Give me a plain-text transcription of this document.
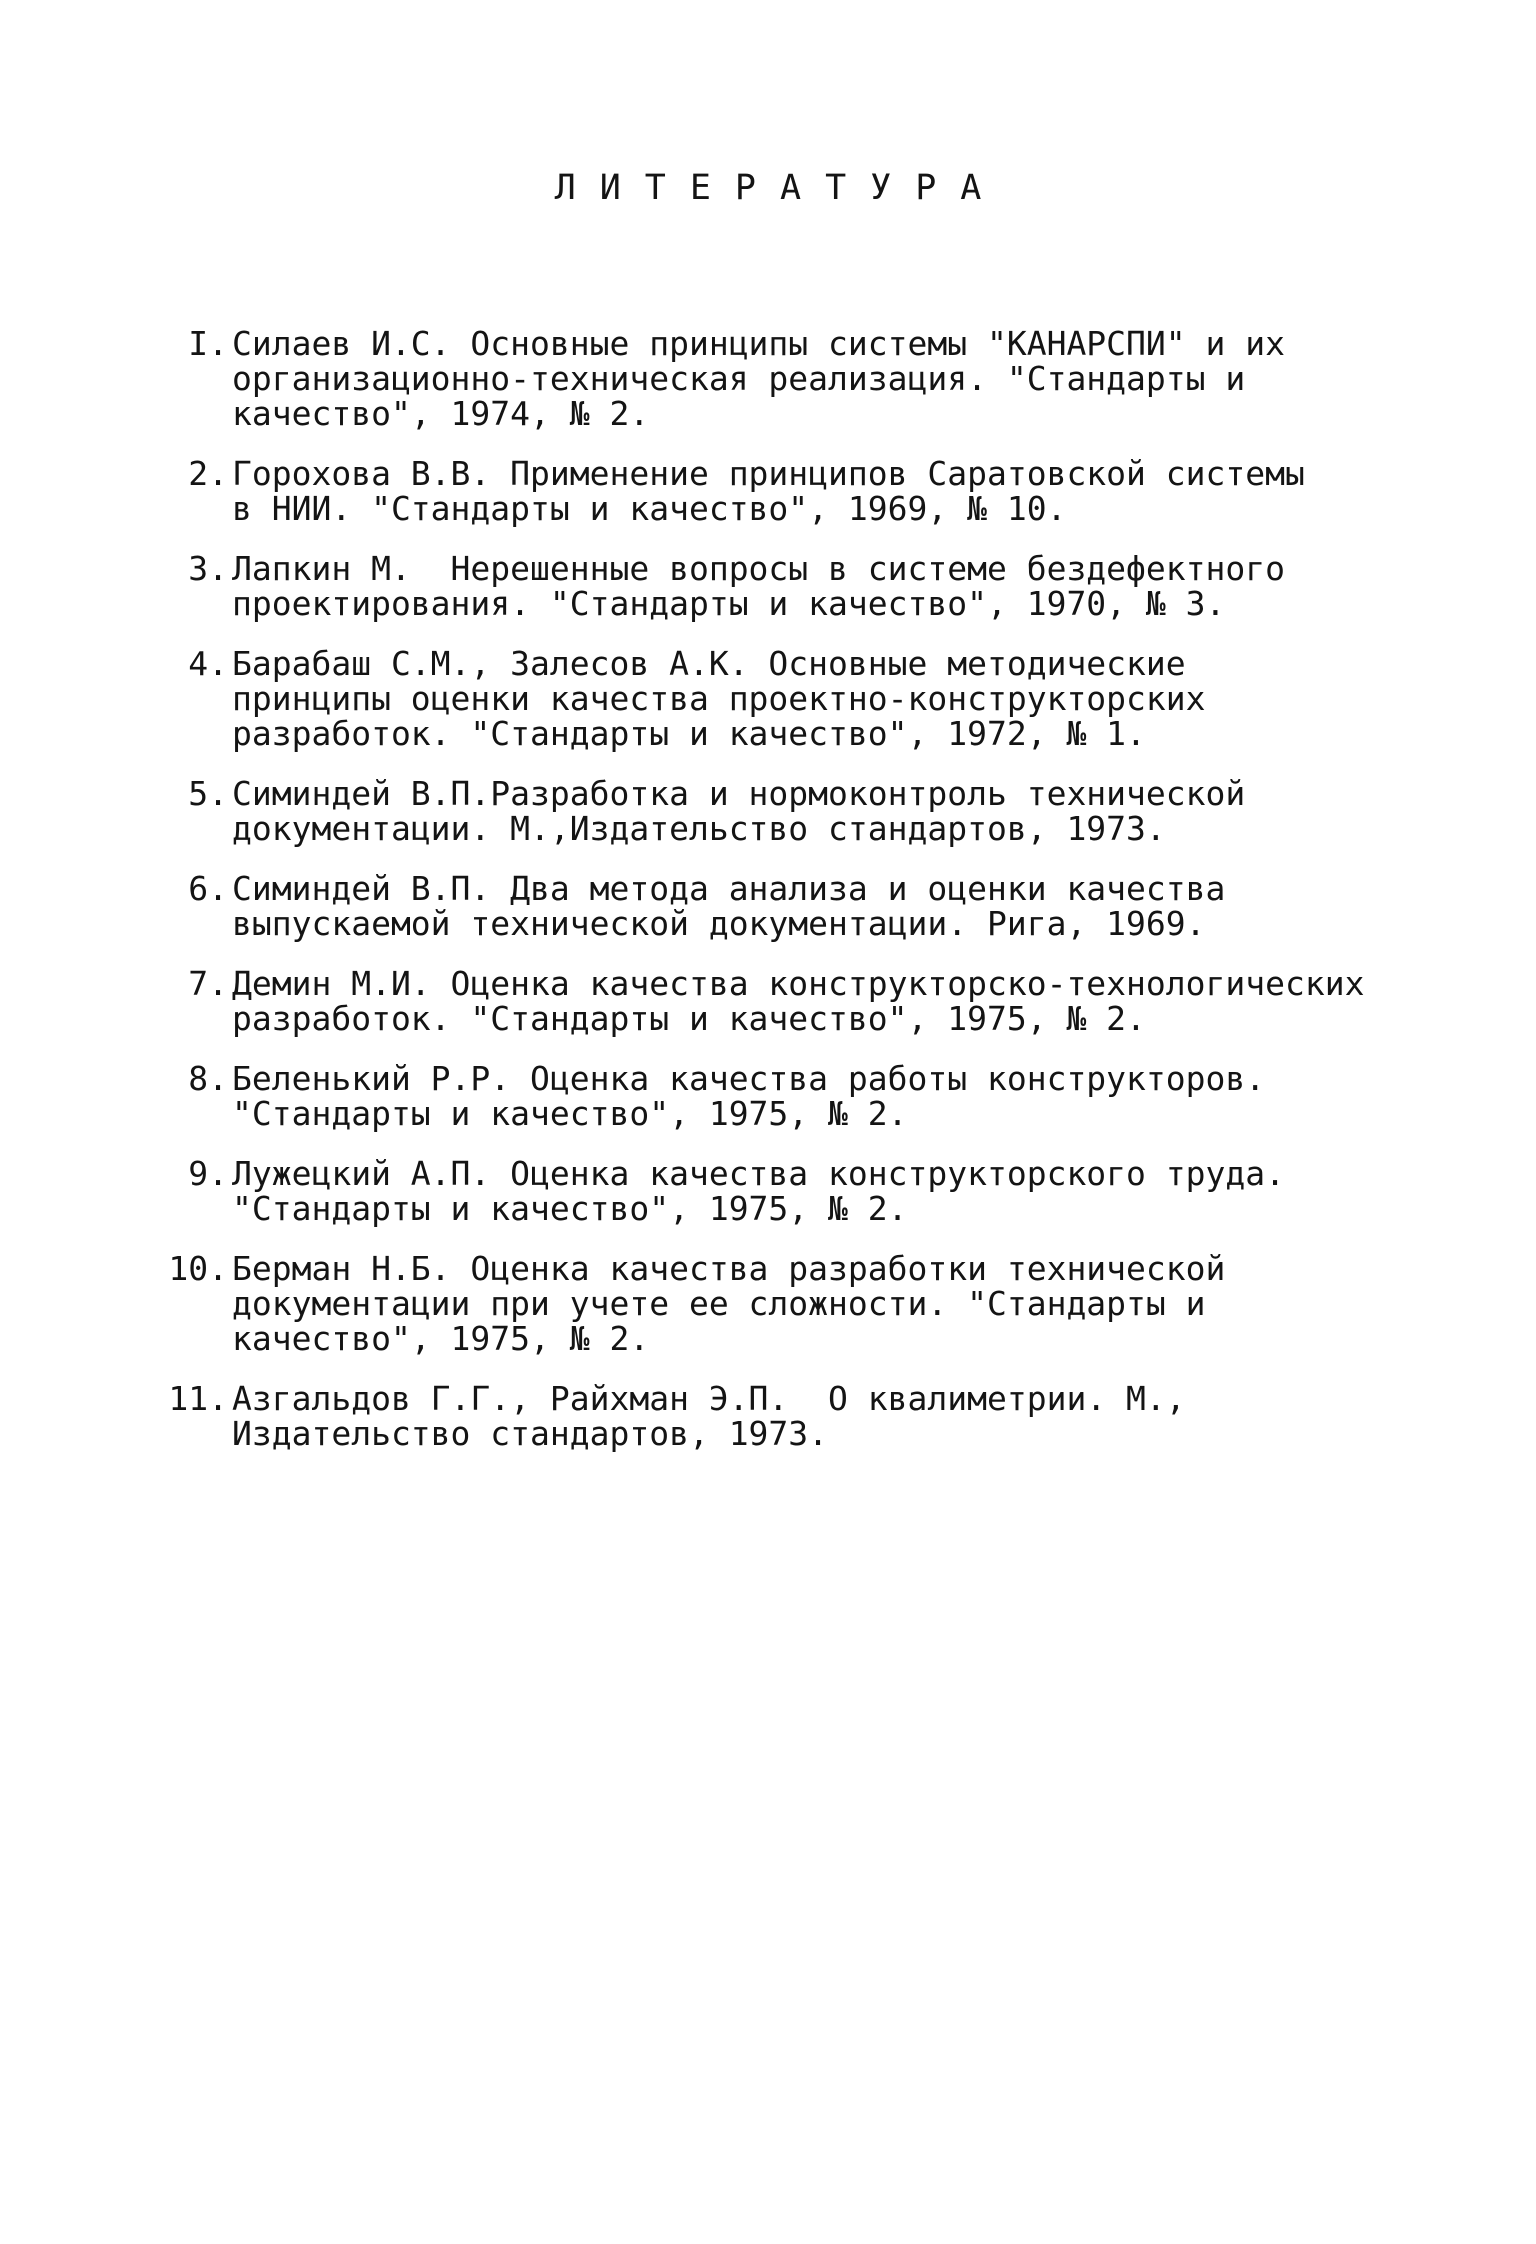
ЛИТЕРАТУРА
I. Силаев И.С. Основные принципы системы "КАНАРСПИ" и их
организационно-техническая реализация. "Стандарты и
качество", 1974, № 2.
2. Горохова В.В. Применение принципов Саратовской системы
в НИИ. "Стандарты и качество", 1969, № 10.
3. Лапкин М.  Нерешенные вопросы в системе бездефектного
проектирования. "Стандарты и качество", 1970, № 3.
4. Барабаш С.М., Залесов А.К. Основные методические
принципы оценки качества проектно-конструкторских
разработок. "Стандарты и качество", 1972, № 1.
5. Симиндей В.П.Разработка и нормоконтроль технической
документации. М.,Издательство стандартов, 1973.
6. Симиндей В.П. Два метода анализа и оценки качества
выпускаемой технической документации. Рига, 1969.
7. Демин М.И. Оценка качества конструкторско-технологических
разработок. "Стандарты и качество", 1975, № 2.
8. Беленький Р.Р. Оценка качества работы конструкторов.
"Стандарты и качество", 1975, № 2.
9. Лужецкий А.П. Оценка качества конструкторского труда.
"Стандарты и качество", 1975, № 2.
10. Берман Н.Б. Оценка качества разработки технической
документации при учете ее сложности. "Стандарты и
качество", 1975, № 2.
11. Азгальдов Г.Г., Райхман Э.П.  О квалиметрии. М.,
Издательство стандартов, 1973.
